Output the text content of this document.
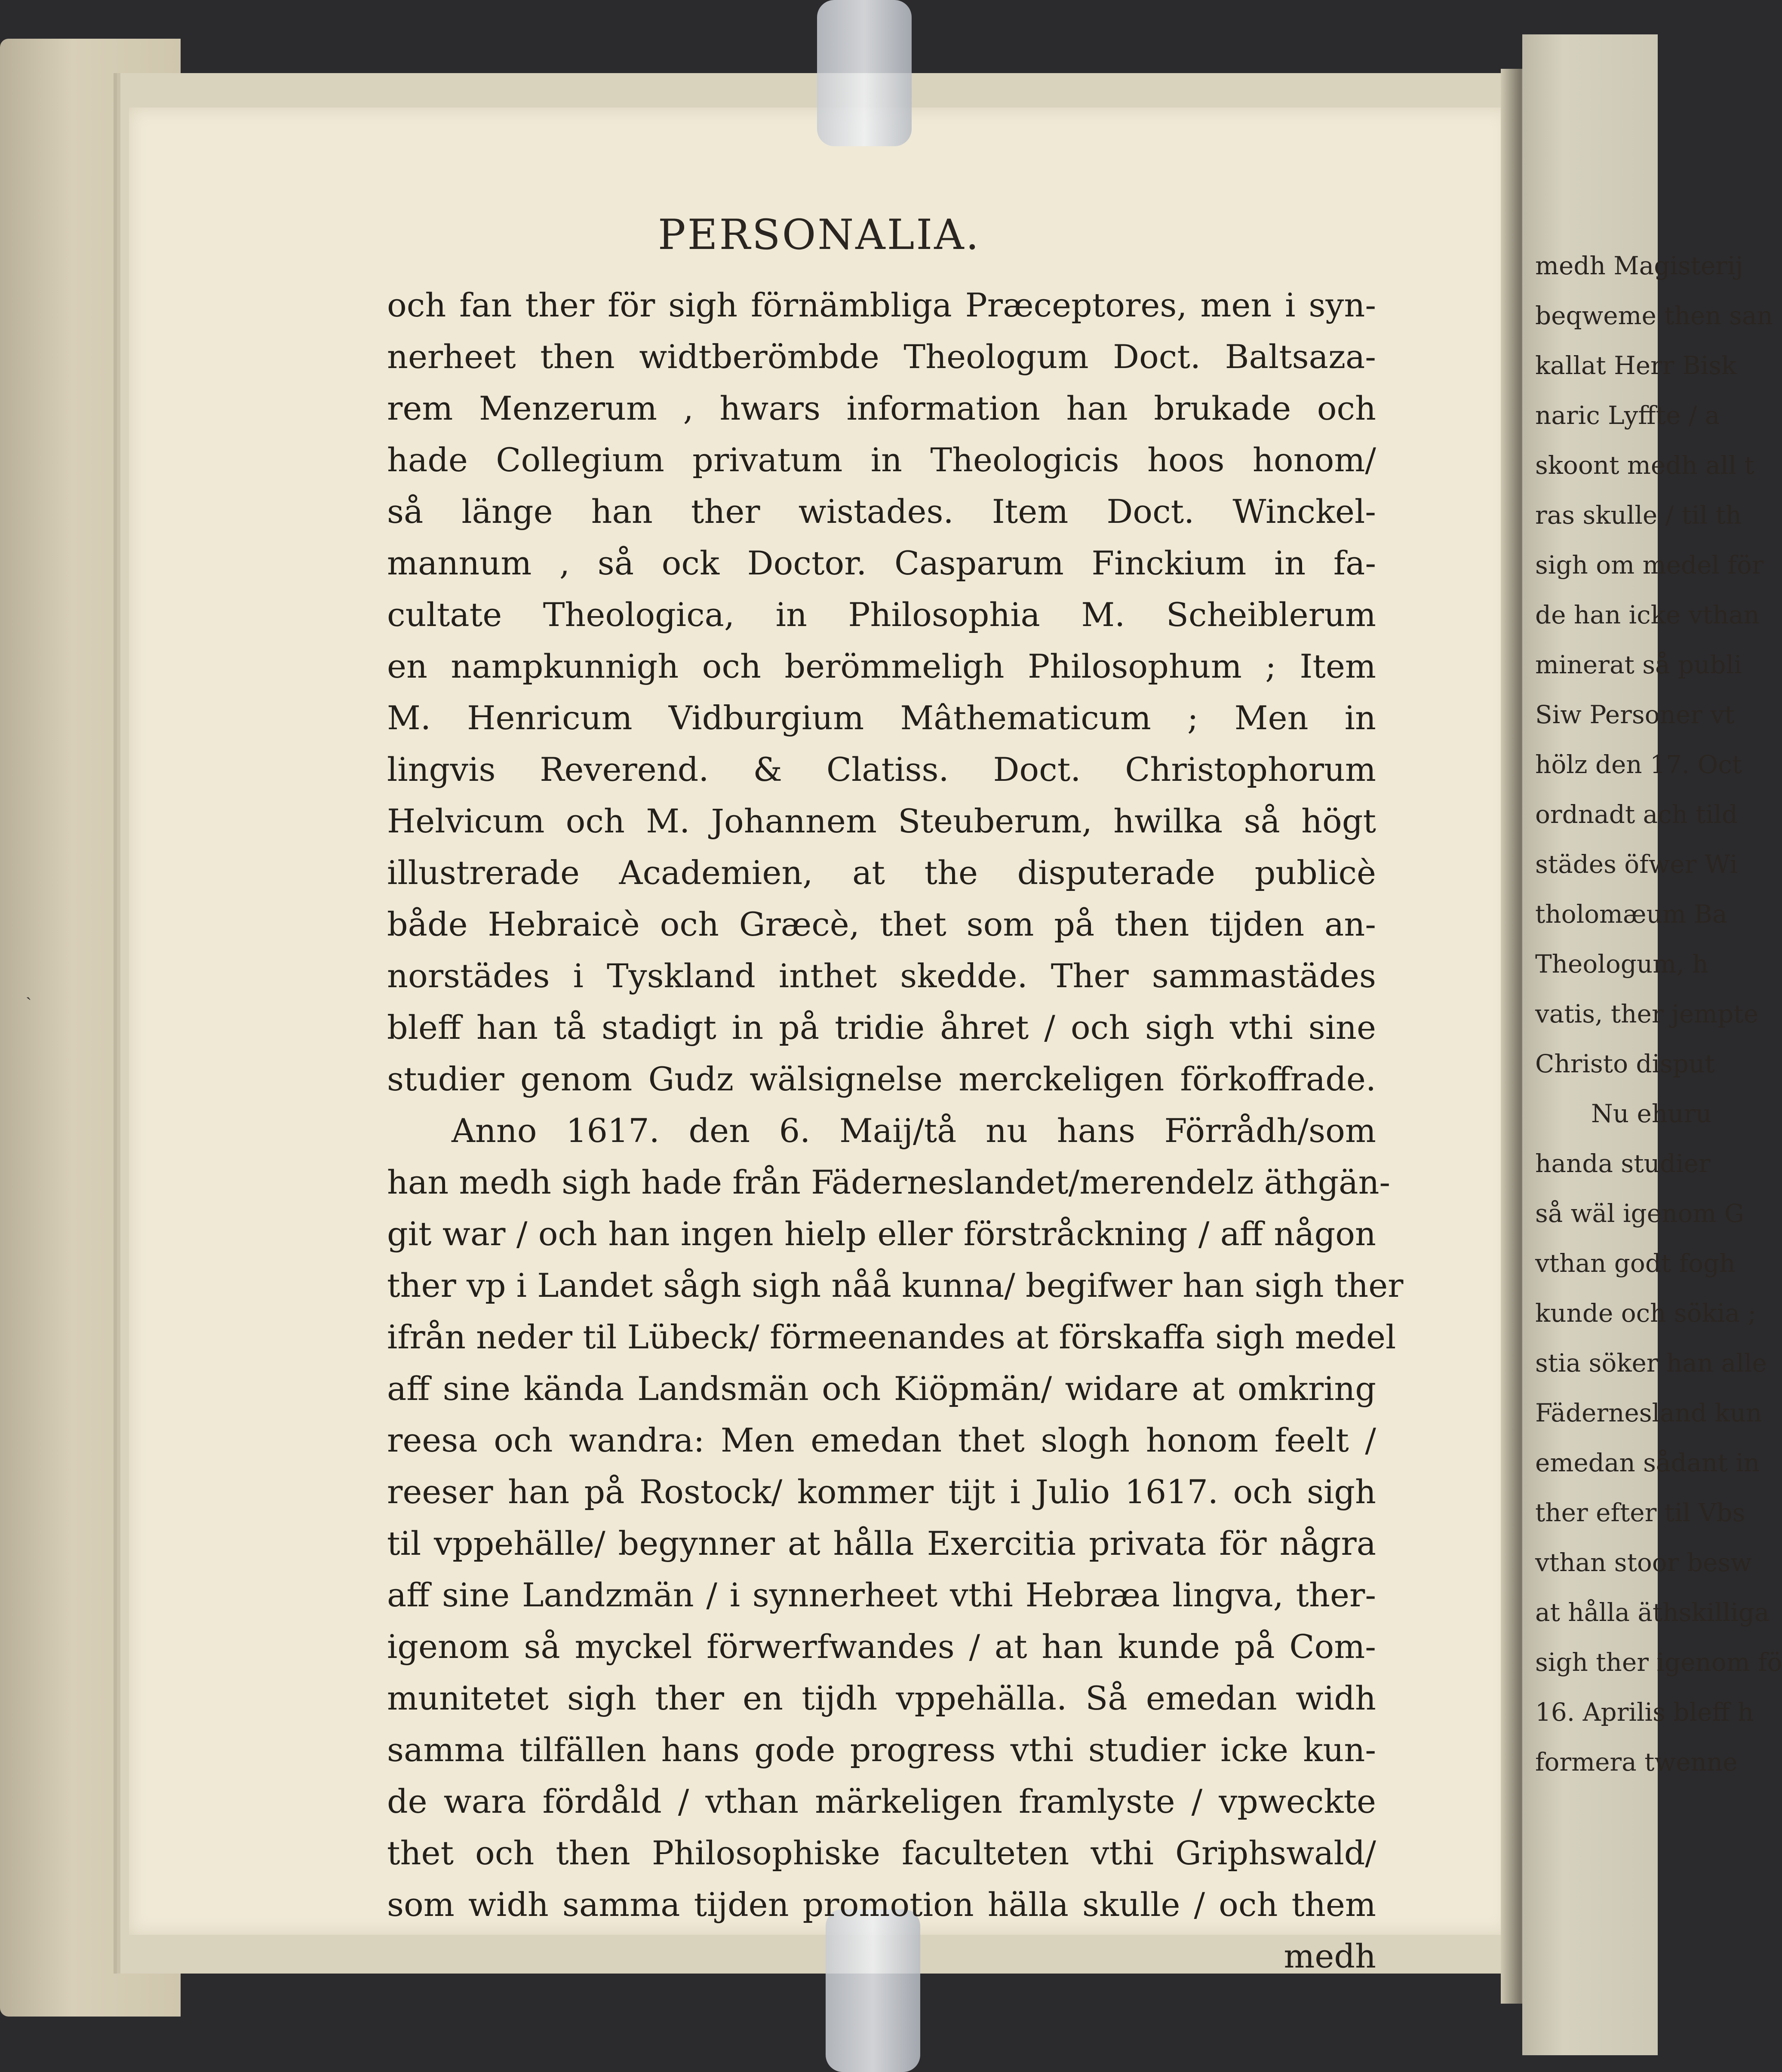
ˎ
PERSONALIA.
och fan ther för sigh förnämbliga Præceptores, men i syn-
nerheet then widtberömbde Theologum Doct. Baltsaza-
rem Menzerum , hwars information han brukade och
hade Collegium privatum in Theologicis hoos honom/
så länge han ther wistades. Item Doct. Winckel-
mannum , så ock Doctor. Casparum Finckium in fa-
cultate Theologica, in Philosophia M. Scheiblerum
en nampkunnigh och berömmeligh Philosophum ; Item
M. Henricum Vidburgium Mâthematicum ; Men in
lingvis Reverend. & Clatiss. Doct. Christophorum
Helvicum och M. Johannem Steuberum, hwilka så högt
illustrerade Academien, at the disputerade publicè
både Hebraicè och Græcè, thet som på then tijden an-
norstädes i Tyskland inthet skedde. Ther sammastädes
bleff han tå stadigt in på tridie åhret / och sigh vthi sine
studier genom Gudz wälsignelse merckeligen förkoffrade.
Anno 1617. den 6. Maij/tå nu hans Förrådh/som
han medh sigh hade från Fäderneslandet/merendelz äthgän-
git war / och han ingen hielp eller förstråckning / aff någon
ther vp i Landet sågh sigh nåå kunna/ begifwer han sigh ther
ifrån neder til Lübeck/ förmeenandes at förskaffa sigh medel
aff sine kända Landsmän och Kiöpmän/ widare at omkring
reesa och wandra: Men emedan thet slogh honom feelt /
reeser han på Rostock/ kommer tijt i Julio 1617. och sigh
til vppehälle/ begynner at hålla Exercitia privata för några
aff sine Landzmän / i synnerheet vthi Hebræa lingva, ther-
igenom så myckel förwerfwandes / at han kunde på Com-
munitetet sigh ther en tijdh vppehälla. Så emedan widh
samma tilfällen hans gode progress vthi studier icke kun-
de wara fördåld / vthan märkeligen framlyste / vpweckte
thet och then Philosophiske faculteten vthi Griphswald/
som widh samma tijden promotion hälla skulle / och them
medh
medh Magisterij
beqweme then san
kallat Herr Bisk
naric Lyffte / a
skoont medh all t
ras skulle / til th
sigh om medel för
de han icke vthan
minerat så publi
Siw Personer vt
hölz den 17. Oct
ordnadt ach tild
städes öfwer Wi
tholomæum Ba
Theologum, h
vatis, ther jempte
Christo disput
Nu ehuru
handa studier
så wäl igenom G
vthan godt fogh
kunde och sökia ;
stia söker han alle
Fädernesland kun
emedan sådant in
ther efter til Vbs
vthan stoor besw
at hålla äthskilliga
sigh ther igenom fö
16. Aprilis bleff h
formera twenne
